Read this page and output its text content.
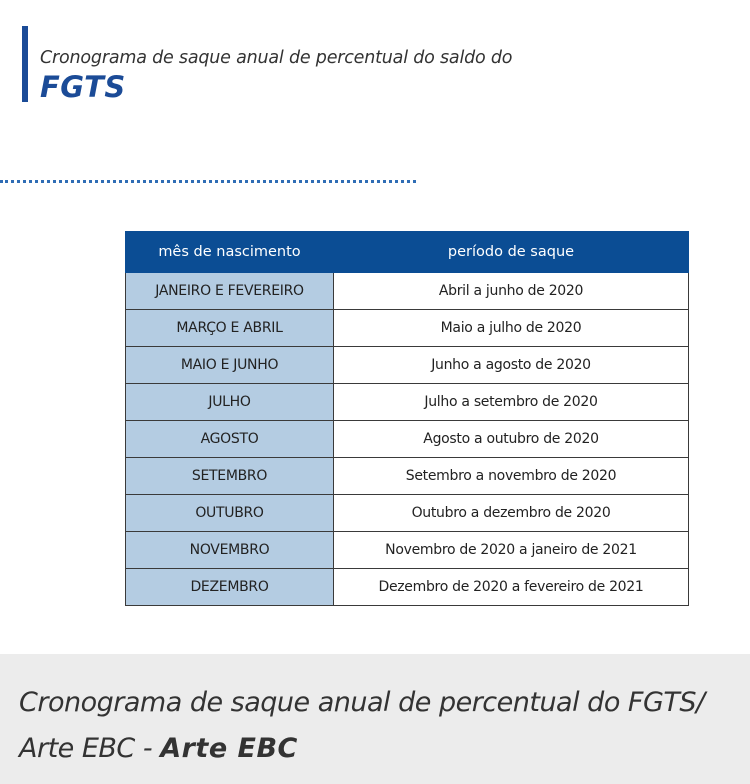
Cronograma de saque anual de percentual do saldo do
FGTS
mês de nascimento	período de saque
JANEIRO E FEVEREIRO	Abril a junho de 2020
MARÇO E ABRIL	Maio a julho de 2020
MAIO E JUNHO	Junho a agosto de 2020
JULHO	Julho a setembro de 2020
AGOSTO	Agosto a outubro de 2020
SETEMBRO	Setembro a novembro de 2020
OUTUBRO	Outubro a dezembro de 2020
NOVEMBRO	Novembro de 2020 a janeiro de 2021
DEZEMBRO	Dezembro de 2020 a fevereiro de 2021
Cronograma de saque anual de percentual do FGTS/ Arte EBC - Arte EBC
